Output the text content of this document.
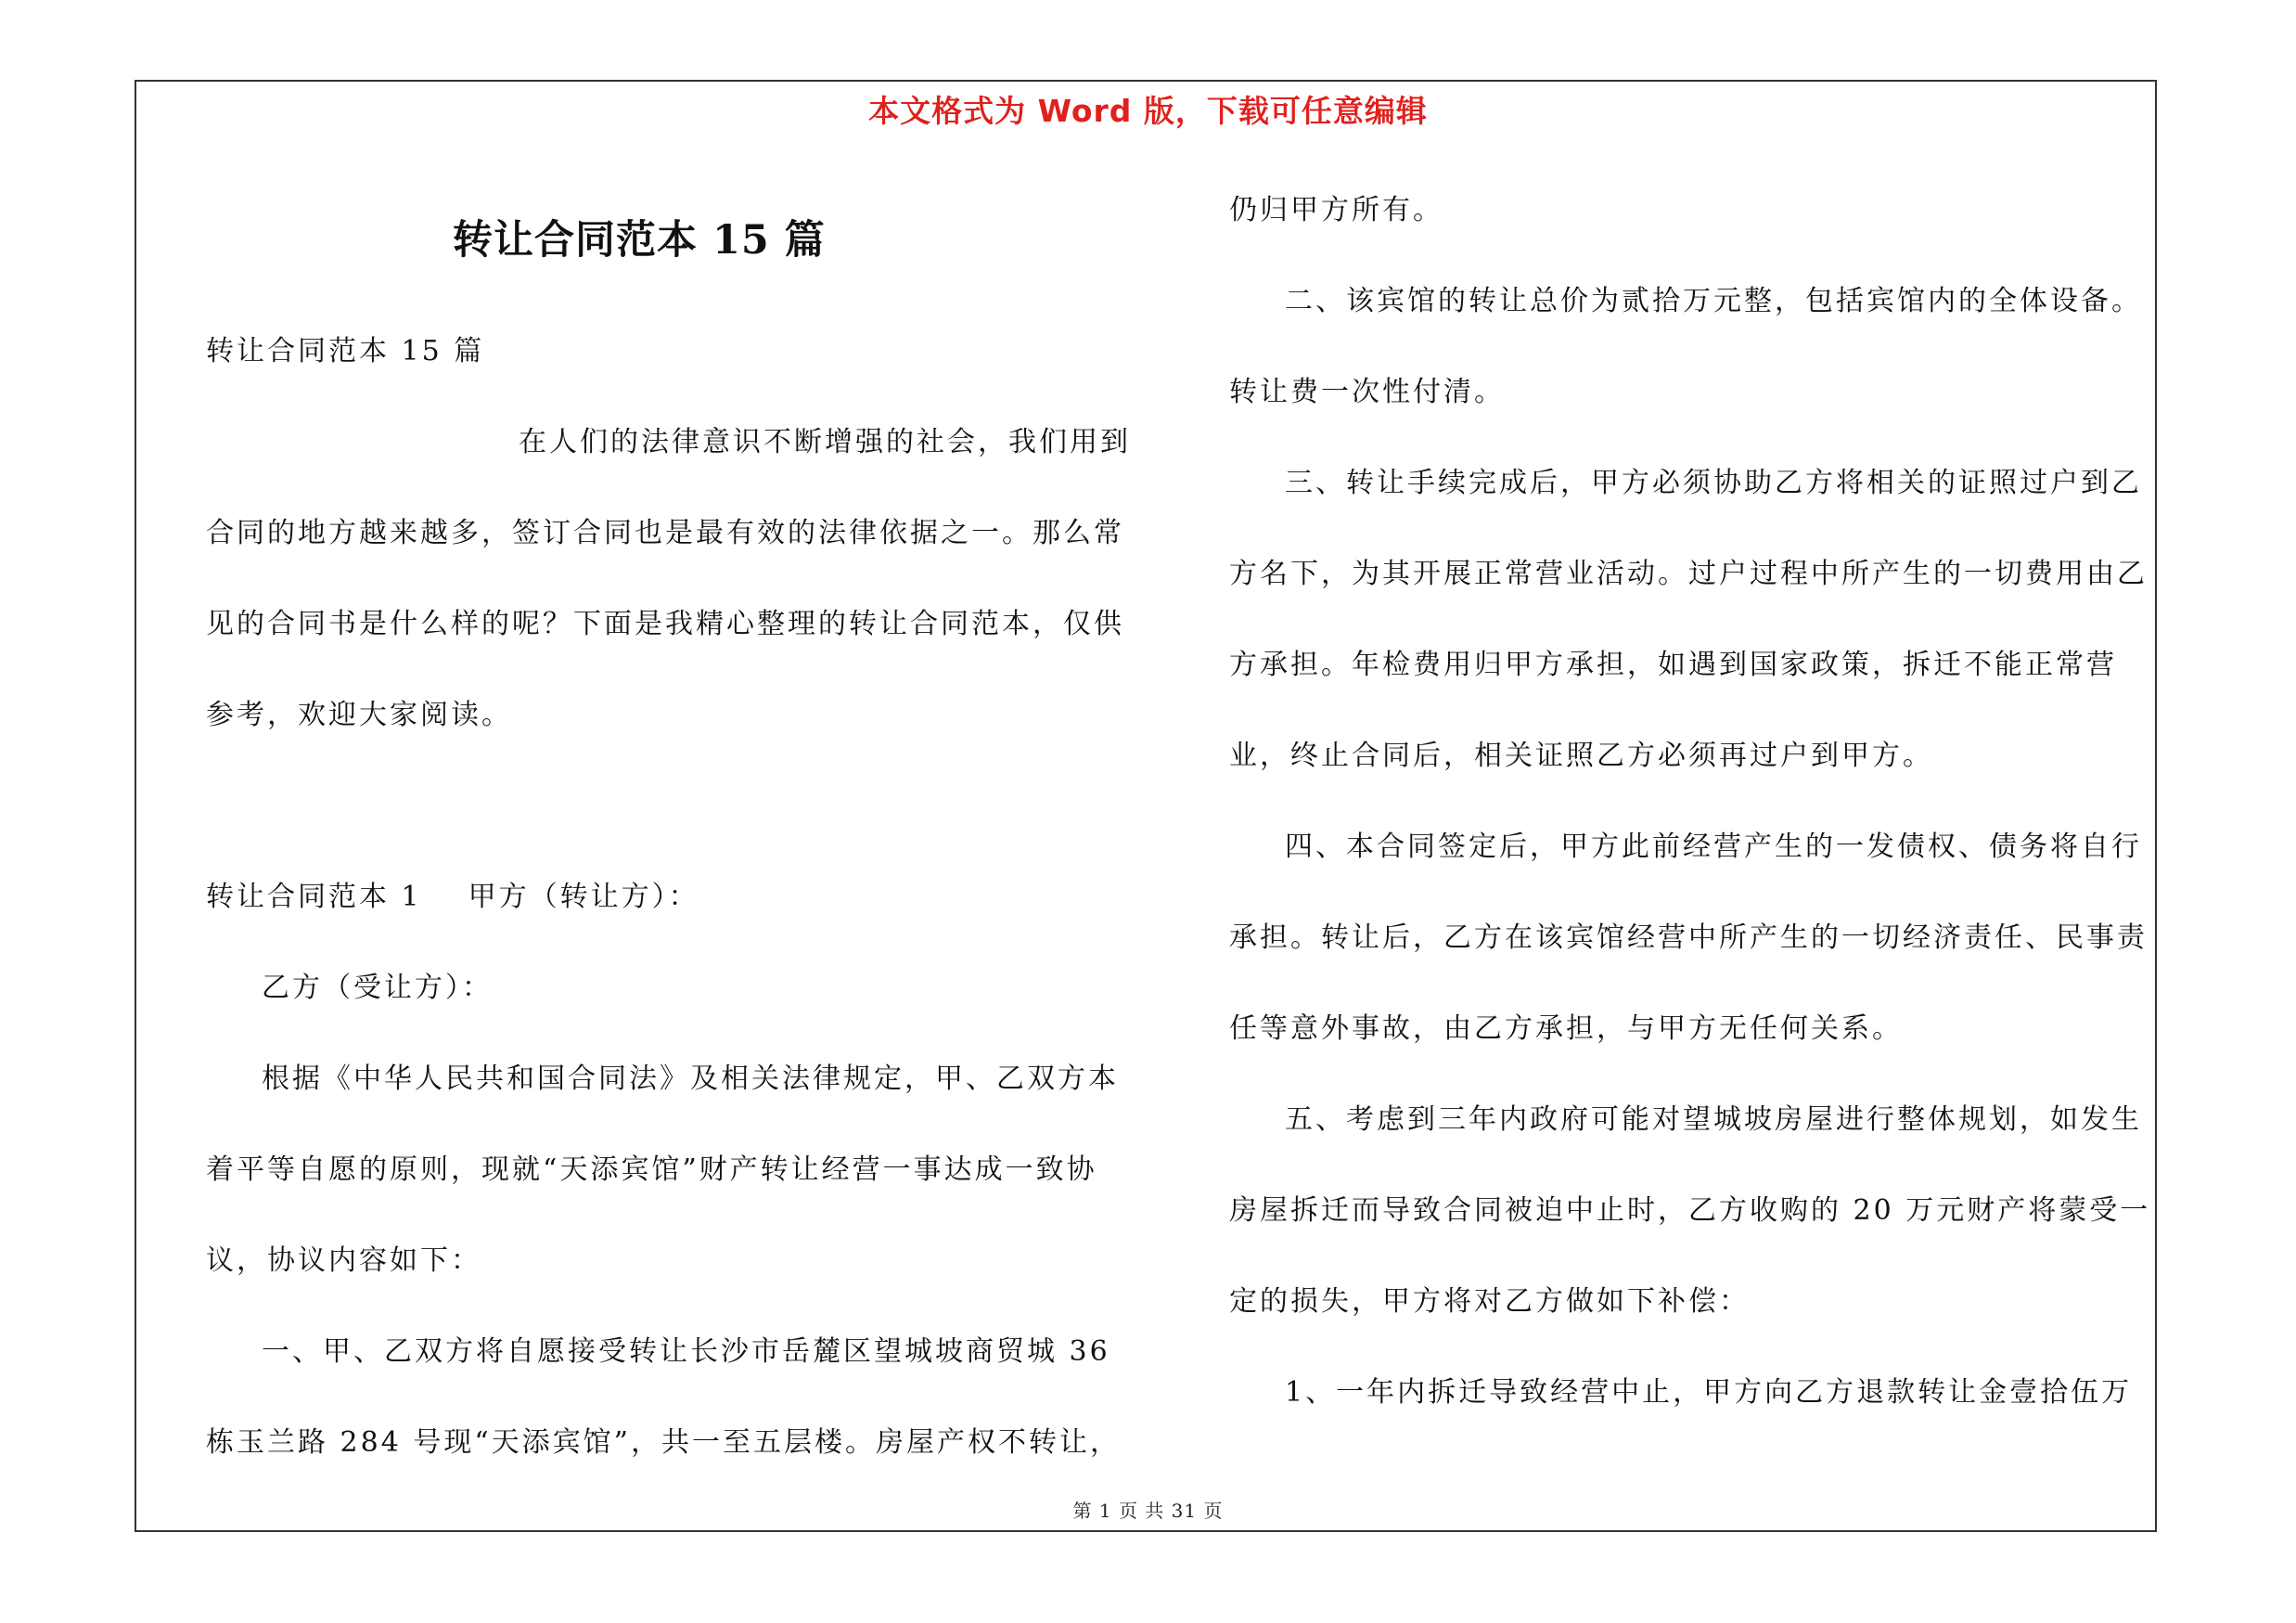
本文格式为 Word 版，下载可任意编辑
转让合同范本 15 篇

转让合同范本 15 篇

在人们的法律意识不断增强的社会，我们用到合同的地方越来越多，签订合同也是最有效的法律依据之一。那么常见的合同书是什么样的呢？下面是我精心整理的转让合同范本，仅供参考，欢迎大家阅读。

转让合同范本 1 甲方（转让方）：

乙方（受让方）：

根据《中华人民共和国合同法》及相关法律规定，甲、乙双方本着平等自愿的原则，现就“天添宾馆”财产转让经营一事达成一致协议，协议内容如下：

一、甲、乙双方将自愿接受转让长沙市岳麓区望城坡商贸城 36 栋玉兰路 284 号现“天添宾馆”，共一至五层楼。房屋产权不转让，

仍归甲方所有。

二、该宾馆的转让总价为贰拾万元整，包括宾馆内的全体设备。转让费一次性付清。

三、转让手续完成后，甲方必须协助乙方将相关的证照过户到乙方名下，为其开展正常营业活动。过户过程中所产生的一切费用由乙方承担。年检费用归甲方承担，如遇到国家政策，拆迁不能正常营业，终止合同后，相关证照乙方必须再过户到甲方。

四、本合同签定后，甲方此前经营产生的一发债权、债务将自行承担。转让后，乙方在该宾馆经营中所产生的一切经济责任、民事责任等意外事故，由乙方承担，与甲方无任何关系。

五、考虑到三年内政府可能对望城坡房屋进行整体规划，如发生房屋拆迁而导致合同被迫中止时，乙方收购的 20 万元财产将蒙受一定的损失，甲方将对乙方做如下补偿：

1、一年内拆迁导致经营中止，甲方向乙方退款转让金壹拾伍万

第 1 页 共 31 页
